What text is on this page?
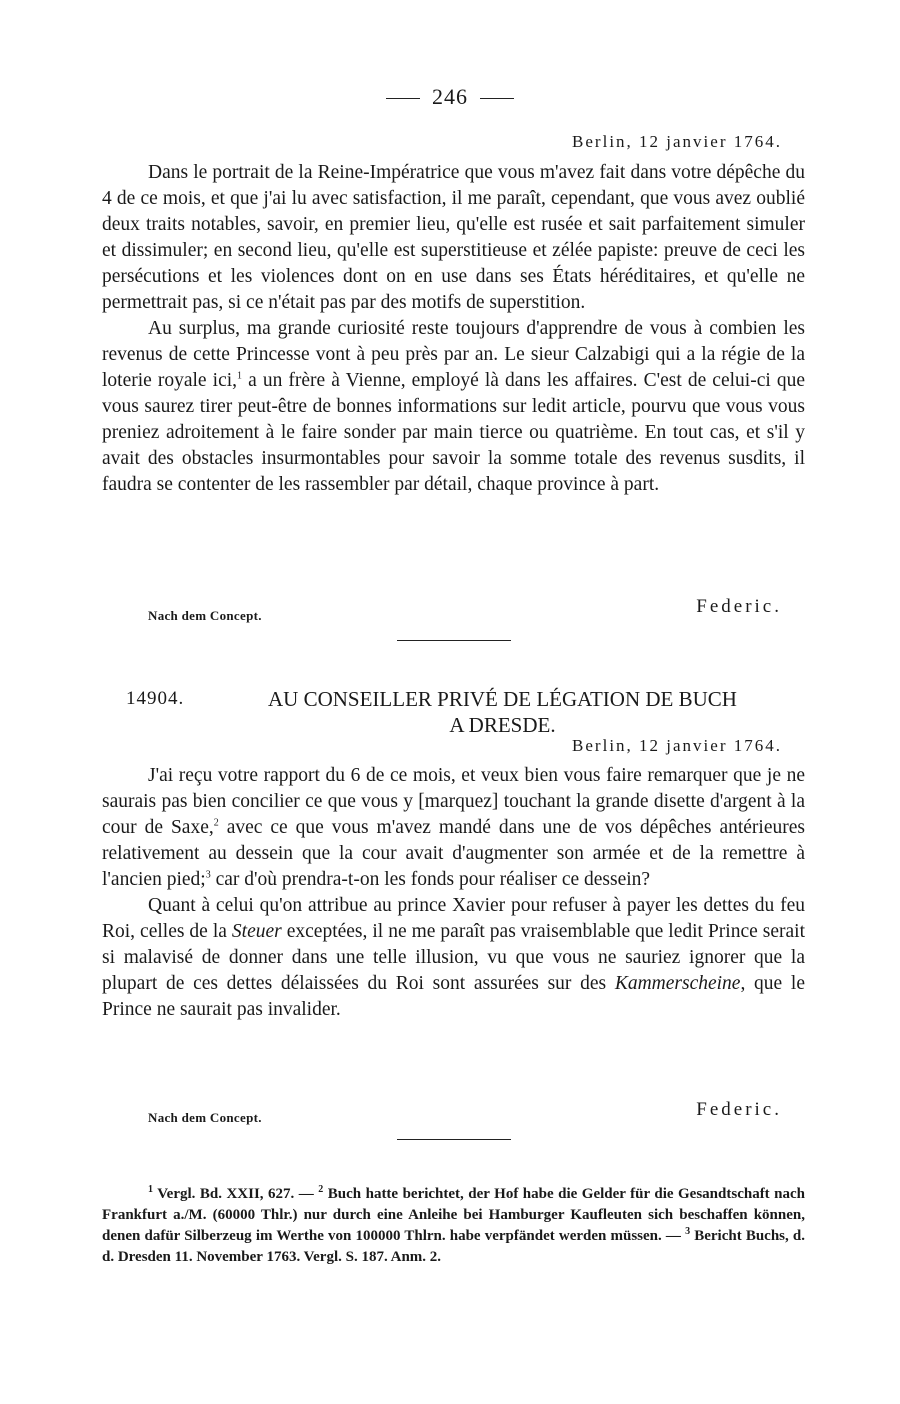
246
Berlin, 12 janvier 1764.

Dans le portrait de la Reine-Impératrice que vous m'avez fait dans votre dépêche du 4 de ce mois, et que j'ai lu avec satisfaction, il me paraît, cependant, que vous avez oublié deux traits notables, savoir, en premier lieu, qu'elle est rusée et sait parfaitement simuler et dissimuler; en second lieu, qu'elle est superstitieuse et zélée papiste: preuve de ceci les persécutions et les violences dont on en use dans ses États héréditaires, et qu'elle ne permettrait pas, si ce n'était pas par des motifs de superstition.

Au surplus, ma grande curiosité reste toujours d'apprendre de vous à combien les revenus de cette Princesse vont à peu près par an. Le sieur Calzabigi qui a la régie de la loterie royale ici,$^1$ a un frère à Vienne, employé là dans les affaires. C'est de celui-ci que vous saurez tirer peut-être de bonnes informations sur ledit article, pourvu que vous vous preniez adroitement à le faire sonder par main tierce ou quatrième. En tout cas, et s'il y avait des obstacles insurmontables pour savoir la somme totale des revenus susdits, il faudra se contenter de les rassembler par détail, chaque province à part.

Nach dem Concept.	Federic.
14904.	AU CONSEILLER PRIVÉ DE LÉGATION DE BUCH
A DRESDE.
Berlin, 12 janvier 1764.

J'ai reçu votre rapport du 6 de ce mois, et veux bien vous faire remarquer que je ne saurais pas bien concilier ce que vous y [marquez] touchant la grande disette d'argent à la cour de Saxe,$^2$ avec ce que vous m'avez mandé dans une de vos dépêches antérieures relativement au dessein que la cour avait d'augmenter son armée et de la remettre à l'ancien pied;$^3$ car d'où prendra-t-on les fonds pour réaliser ce dessein?

Quant à celui qu'on attribue au prince Xavier pour refuser à payer les dettes du feu Roi, celles de la Steuer exceptées, il ne me paraît pas vraisemblable que ledit Prince serait si malavisé de donner dans une telle illusion, vu que vous ne sauriez ignorer que la plupart de ces dettes délaissées du Roi sont assurées sur des Kammerscheine, que le Prince ne saurait pas invalider.

Nach dem Concept.	Federic.

$^1$ Vergl. Bd. XXII, 627. — $^2$ Buch hatte berichtet, der Hof habe die Gelder für die Gesandtschaft nach Frankfurt a./M. (60000 Thlr.) nur durch eine Anleihe bei Hamburger Kaufleuten sich beschaffen können, denen dafür Silberzeug im Werthe von 100000 Thlrn. habe verpfändet werden müssen. — $^3$ Bericht Buchs, d. d. Dresden 11. November 1763. Vergl. S. 187. Anm. 2.
